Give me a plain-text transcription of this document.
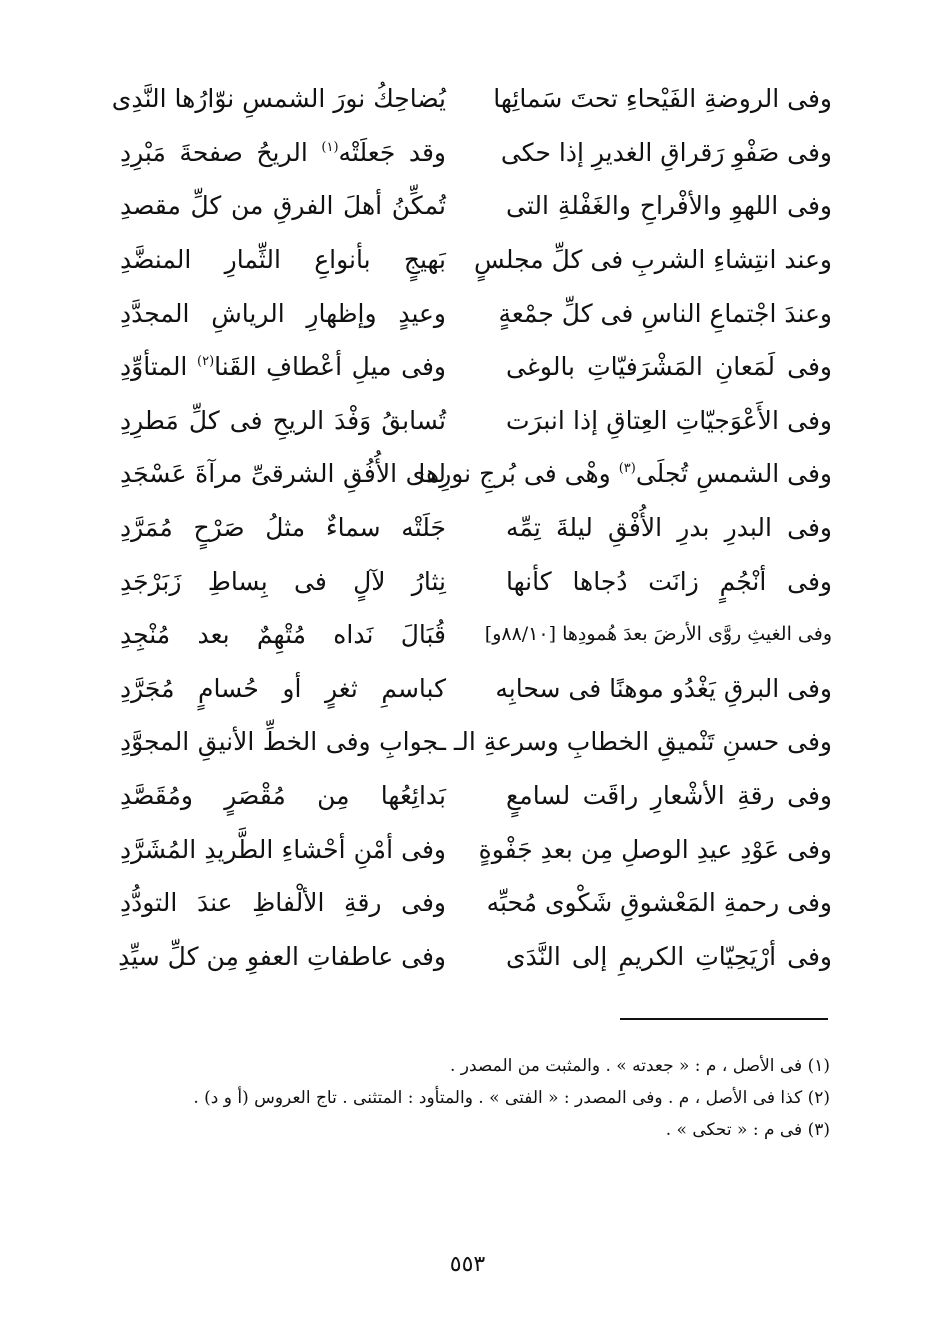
وفى الروضةِ الفَيْحاءِ تحتَ سَمائِها
يُضاحِكُ نورَ الشمسِ نوّارُها النَّدِى
وفى صَفْوِ رَقراقِ الغديرِ إذا حكى
وقد جَعلَتْه$^{(١)}$ الريحُ صفحةَ مَبْرِدِ
وفى اللهوِ والأفْراحِ والغَفْلةِ التى
تُمكِّنُ أهلَ الفرقِ من كلِّ مقصدِ
وعند انتِشاءِ الشربِ فى كلِّ مجلسٍ
بَهيجٍ بأنواعِ الثِّمارِ المنضَّدِ
وعندَ اجْتماعِ الناسِ فى كلِّ جمْعةٍ
وعيدٍ وإظهارِ الرياشِ المجدَّدِ
وفى لَمَعانِ المَشْرَفيّاتِ بالوغى
وفى ميلِ أعْطافِ القَنا$^{(٢)}$ المتأوِّدِ
وفى الأَعْوَجيّاتِ العِتاقِ إذا انبرَت
تُسابقُ وَفْدَ الريحِ فى كلِّ مَطرِدِ
وفى الشمسِ تُجلَى$^{(٣)}$ وهْى فى بُرجِ نورِها
لدى الأُفُقِ الشرقىِّ مرآةَ عَسْجَدِ
وفى البدرِ بدرِ الأُفْقِ ليلةَ تِمِّه
جَلَتْه سماءٌ مثلُ صَرْحٍ مُمَرَّدِ
وفى أنْجُمٍ زانَت دُجاها كأنها
نِثارُ لآلٍ فى بِساطِ زَبَرْجَدِ
وفى الغيثِ روَّى الأرضَ بعدَ هُمودِها [٨٨/١٠و]
قُبَالَ نَداه مُتْهِمٌ بعد مُنْجِدِ
وفى البرقِ يَغْدُو موهنًا فى سحابِه
كباسمِ ثغرٍ أو حُسامٍ مُجَرَّدِ
وفى حسنِ تَنْميقِ الخطابِ وسرعةِ الـ
ـجوابِ وفى الخطِّ الأنيقِ المجوَّدِ
وفى رقةِ الأشْعارِ راقَت لسامعٍ
بَدائِعُها مِن مُقْصَرٍ ومُقَصَّدِ
وفى عَوْدِ عيدِ الوصلِ مِن بعدِ جَفْوةٍ
وفى أمْنِ أحْشاءِ الطَّريدِ المُشَرَّدِ
وفى رحمةِ المَعْشوقِ شَكْوى مُحبِّه
وفى رقةِ الألْفاظِ عندَ التودُّدِ
وفى أرْيَحِيّاتِ الكريمِ إلى النَّدَى
وفى عاطفاتِ العفوِ مِن كلِّ سيِّدِ
(١) فى الأصل ، م : « جعدته » . والمثبت من المصدر .
(٢) كذا فى الأصل ، م . وفى المصدر : « الفتى » . والمتأود : المتثنى . تاج العروس (أ و د) .
(٣) فى م : « تحكى » .
٥٥٣
